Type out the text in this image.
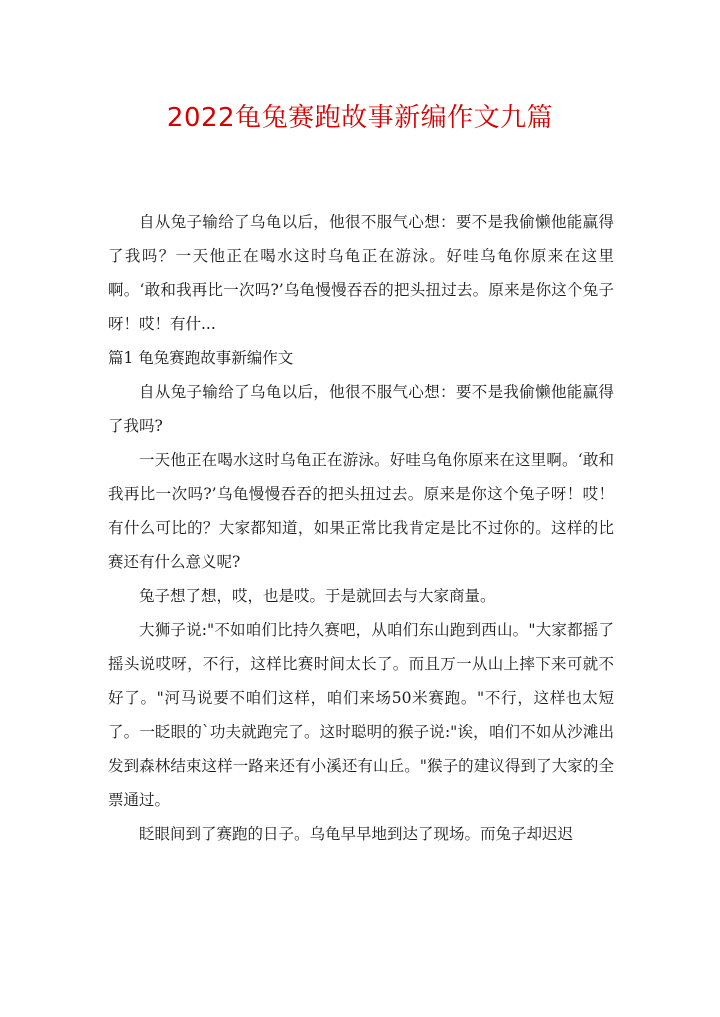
2022龟兔赛跑故事新编作文九篇

自从兔子输给了乌龟以后，他很不服气心想：要不是我偷懒他能赢得了我吗？一天他正在喝水这时乌龟正在游泳。好哇乌龟你原来在这里啊。‘敢和我再比一次吗?’乌龟慢慢吞吞的把头扭过去。原来是你这个兔子呀！哎！有什...

篇1 龟兔赛跑故事新编作文

自从兔子输给了乌龟以后，他很不服气心想：要不是我偷懒他能赢得了我吗?

一天他正在喝水这时乌龟正在游泳。好哇乌龟你原来在这里啊。‘敢和我再比一次吗?’乌龟慢慢吞吞的把头扭过去。原来是你这个兔子呀！哎！有什么可比的？大家都知道，如果正常比我肯定是比不过你的。这样的比赛还有什么意义呢?

兔子想了想，哎，也是哎。于是就回去与大家商量。

大狮子说:"不如咱们比持久赛吧，从咱们东山跑到西山。"大家都摇了摇头说哎呀，不行，这样比赛时间太长了。而且万一从山上摔下来可就不好了。"河马说要不咱们这样，咱们来场50米赛跑。"不行，这样也太短了。一眨眼的`功夫就跑完了。这时聪明的猴子说:"诶，咱们不如从沙滩出发到森林结束这样一路来还有小溪还有山丘。"猴子的建议得到了大家的全票通过。

眨眼间到了赛跑的日子。乌龟早早地到达了现场。而兔子却迟迟
